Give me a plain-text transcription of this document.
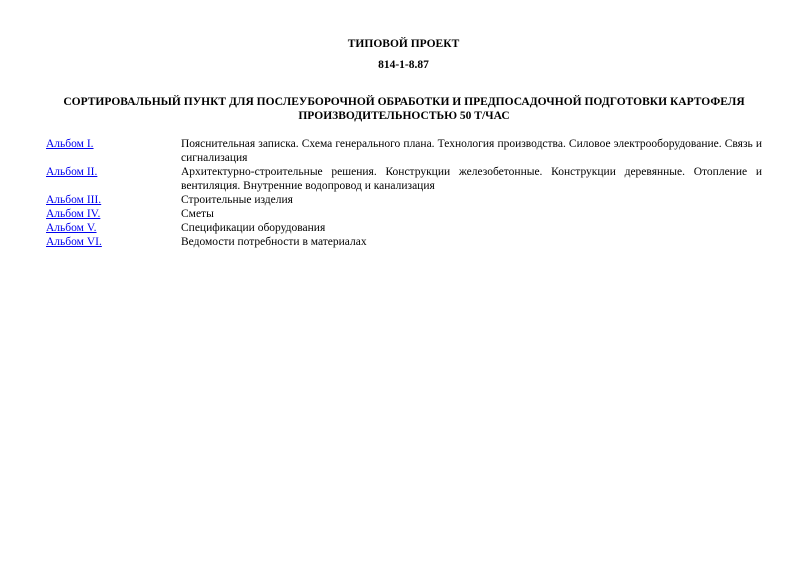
ТИПОВОЙ ПРОЕКТ
814-1-8.87
СОРТИРОВАЛЬНЫЙ ПУНКТ ДЛЯ ПОСЛЕУБОРОЧНОЙ ОБРАБОТКИ И ПРЕДПОСАДОЧНОЙ ПОДГОТОВКИ КАРТОФЕЛЯ ПРОИЗВОДИТЕЛЬНОСТЬЮ 50 Т/ЧАС
Альбом I.	Пояснительная записка. Схема генерального плана. Технология производства. Силовое электрооборудование. Связь и сигнализация
Альбом II.	Архитектурно-строительные решения. Конструкции железобетонные. Конструкции деревянные. Отопление и вентиляция. Внутренние водопровод и канализация
Альбом III.	Строительные изделия
Альбом IV.	Сметы
Альбом V.	Спецификации оборудования
Альбом VI.	Ведомости потребности в материалах
